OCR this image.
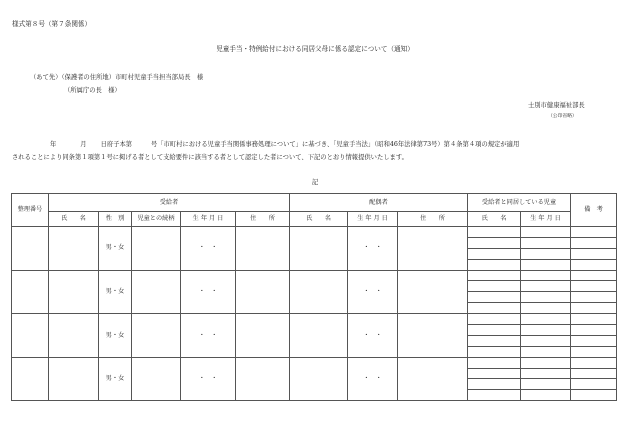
様式第８号（第７条関係）
児童手当・特例給付における同居父母に係る認定について（通知）
（あて先）（保護者の住所地）市町村児童手当担当部局長　様
（所属庁の長　様）
士別市健康福祉部長
（公印省略）
年	月 日府子本第　　　号「市町村における児童手当関係事務処理について」に基づき、「児童手当法」（昭和46年法律第73号）第４条第４項の規定が適用
されることにより同条第１項第１号に掲げる者として支給要件に該当する者として認定した者について、下記のとおり情報提供いたします。
記
整理番号	受給者					配偶者			受給者と同居している児童		備　考
	氏　　名	性　別	児童との続柄	生 年 月 日	住　　所	氏　　名	生 年 月 日	住　　所	氏　　名	生 年 月 日	
		男・女		・　・			・　・				

		男・女		・　・			・　・				

		男・女		・　・			・　・				

		男・女		・　・			・　・				
